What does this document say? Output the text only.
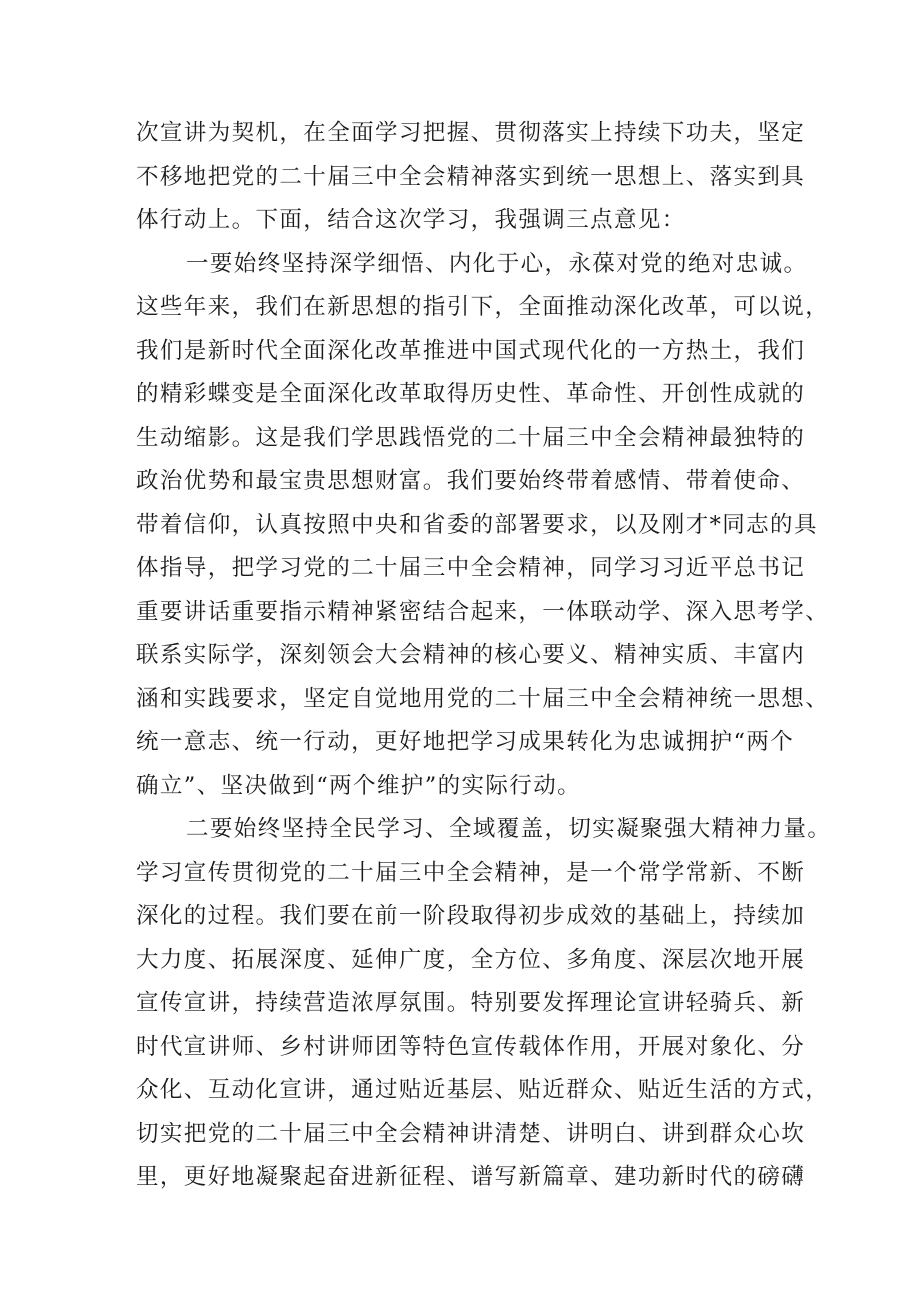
次宣讲为契机，在全面学习把握、贯彻落实上持续下功夫，坚定
不移地把党的二十届三中全会精神落实到统一思想上、落实到具
体行动上。下面，结合这次学习，我强调三点意见：
一要始终坚持深学细悟、内化于心，永葆对党的绝对忠诚。
这些年来，我们在新思想的指引下，全面推动深化改革，可以说，
我们是新时代全面深化改革推进中国式现代化的一方热土，我们
的精彩蝶变是全面深化改革取得历史性、革命性、开创性成就的
生动缩影。这是我们学思践悟党的二十届三中全会精神最独特的
政治优势和最宝贵思想财富。我们要始终带着感情、带着使命、
带着信仰，认真按照中央和省委的部署要求，以及刚才*同志的具
体指导，把学习党的二十届三中全会精神，同学习习近平总书记
重要讲话重要指示精神紧密结合起来，一体联动学、深入思考学、
联系实际学，深刻领会大会精神的核心要义、精神实质、丰富内
涵和实践要求，坚定自觉地用党的二十届三中全会精神统一思想、
统一意志、统一行动，更好地把学习成果转化为忠诚拥护“两个
确立”、坚决做到“两个维护”的实际行动。
二要始终坚持全民学习、全域覆盖，切实凝聚强大精神力量。
学习宣传贯彻党的二十届三中全会精神，是一个常学常新、不断
深化的过程。我们要在前一阶段取得初步成效的基础上，持续加
大力度、拓展深度、延伸广度，全方位、多角度、深层次地开展
宣传宣讲，持续营造浓厚氛围。特别要发挥理论宣讲轻骑兵、新
时代宣讲师、乡村讲师团等特色宣传载体作用，开展对象化、分
众化、互动化宣讲，通过贴近基层、贴近群众、贴近生活的方式，
切实把党的二十届三中全会精神讲清楚、讲明白、讲到群众心坎
里，更好地凝聚起奋进新征程、谱写新篇章、建功新时代的磅礴
